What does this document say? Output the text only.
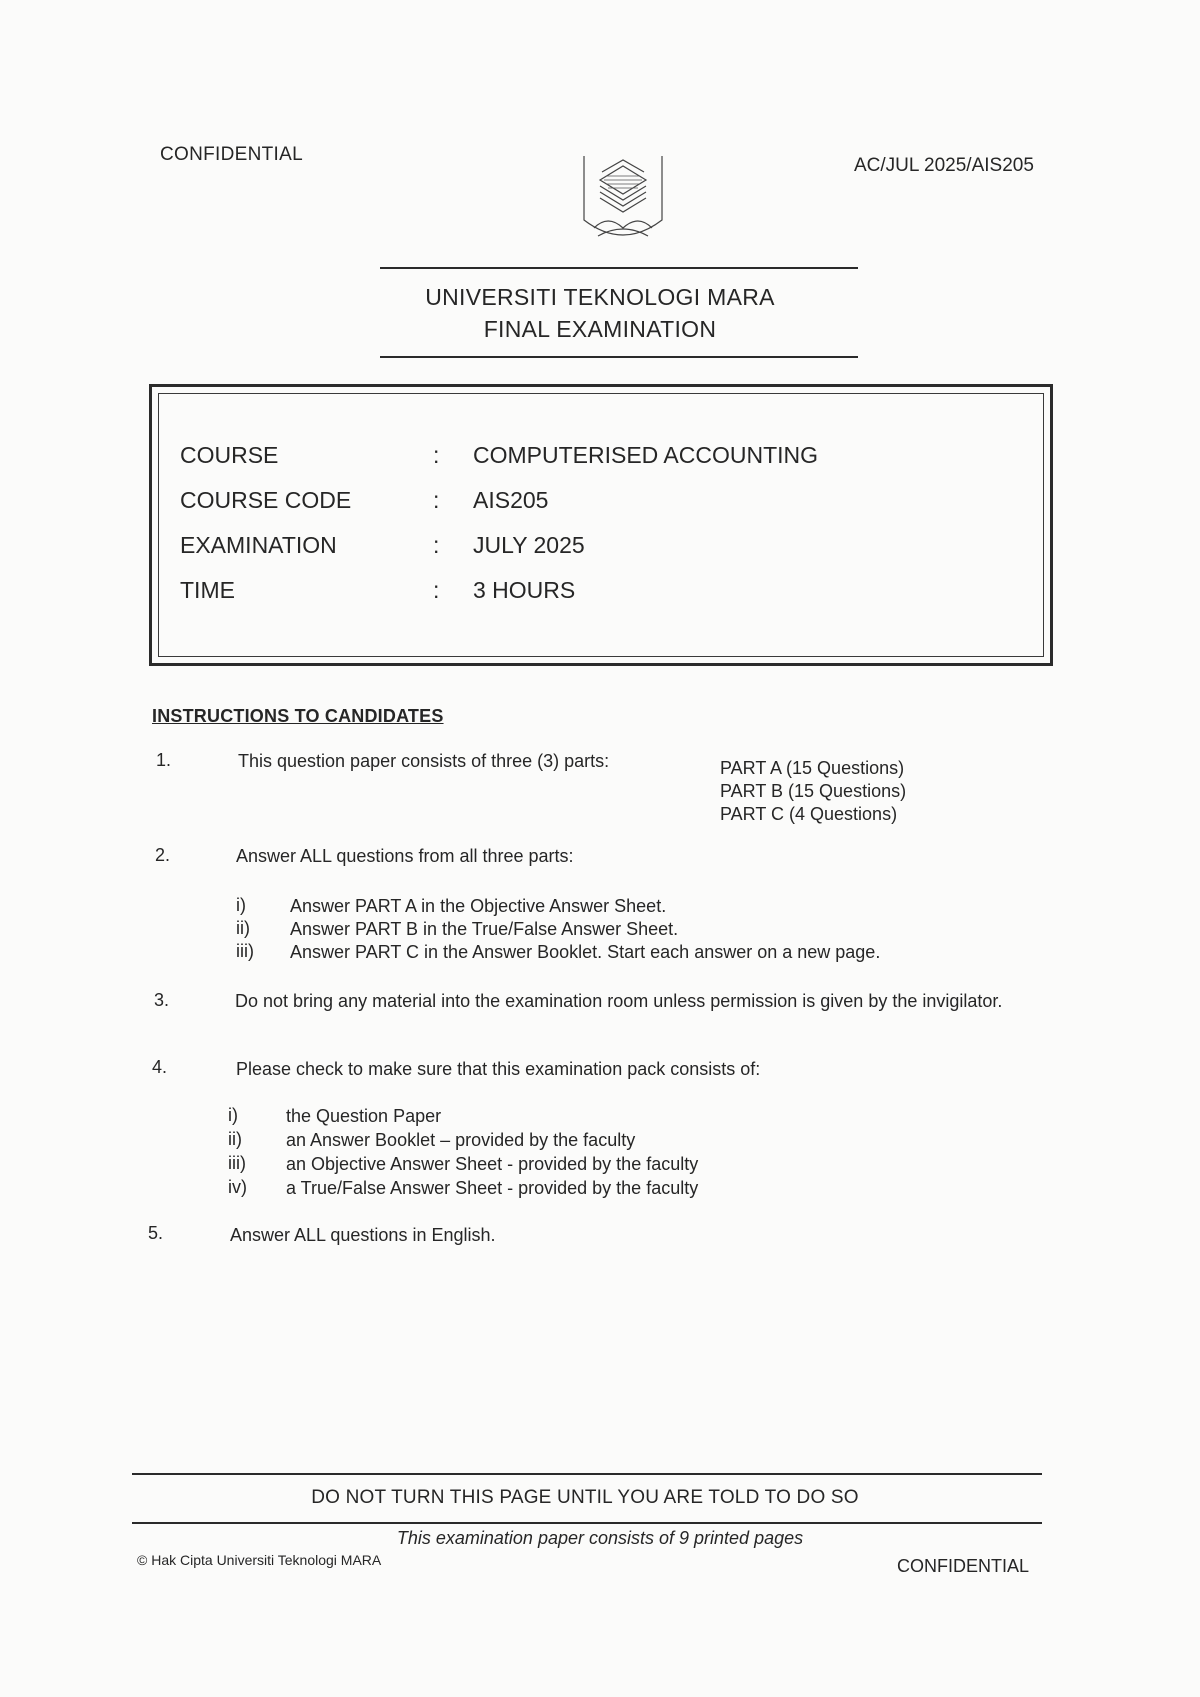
CONFIDENTIAL
AC/JUL 2025/AIS205
UNIVERSITI TEKNOLOGI MARA
FINAL EXAMINATION
COURSE	: COMPUTERISED ACCOUNTING
COURSE CODE	: AIS205
EXAMINATION	: JULY 2025
TIME	: 3 HOURS
INSTRUCTIONS TO CANDIDATES
1.	This question paper consists of three (3) parts:	PART A (15 Questions)
PART B (15 Questions)
PART C (4 Questions)
2.	Answer ALL questions from all three parts:
i) Answer PART A in the Objective Answer Sheet.
ii) Answer PART B in the True/False Answer Sheet.
iii) Answer PART C in the Answer Booklet. Start each answer on a new page.
3.	Do not bring any material into the examination room unless permission is given by the invigilator.
4.	Please check to make sure that this examination pack consists of:
i)	the Question Paper
ii) an Answer Booklet – provided by the faculty
iii) an Objective Answer Sheet - provided by the faculty
iv) a True/False Answer Sheet - provided by the faculty
5.	Answer ALL questions in English.
DO NOT TURN THIS PAGE UNTIL YOU ARE TOLD TO DO SO
This examination paper consists of 9 printed pages
© Hak Cipta Universiti Teknologi MARA	CONFIDENTIAL
